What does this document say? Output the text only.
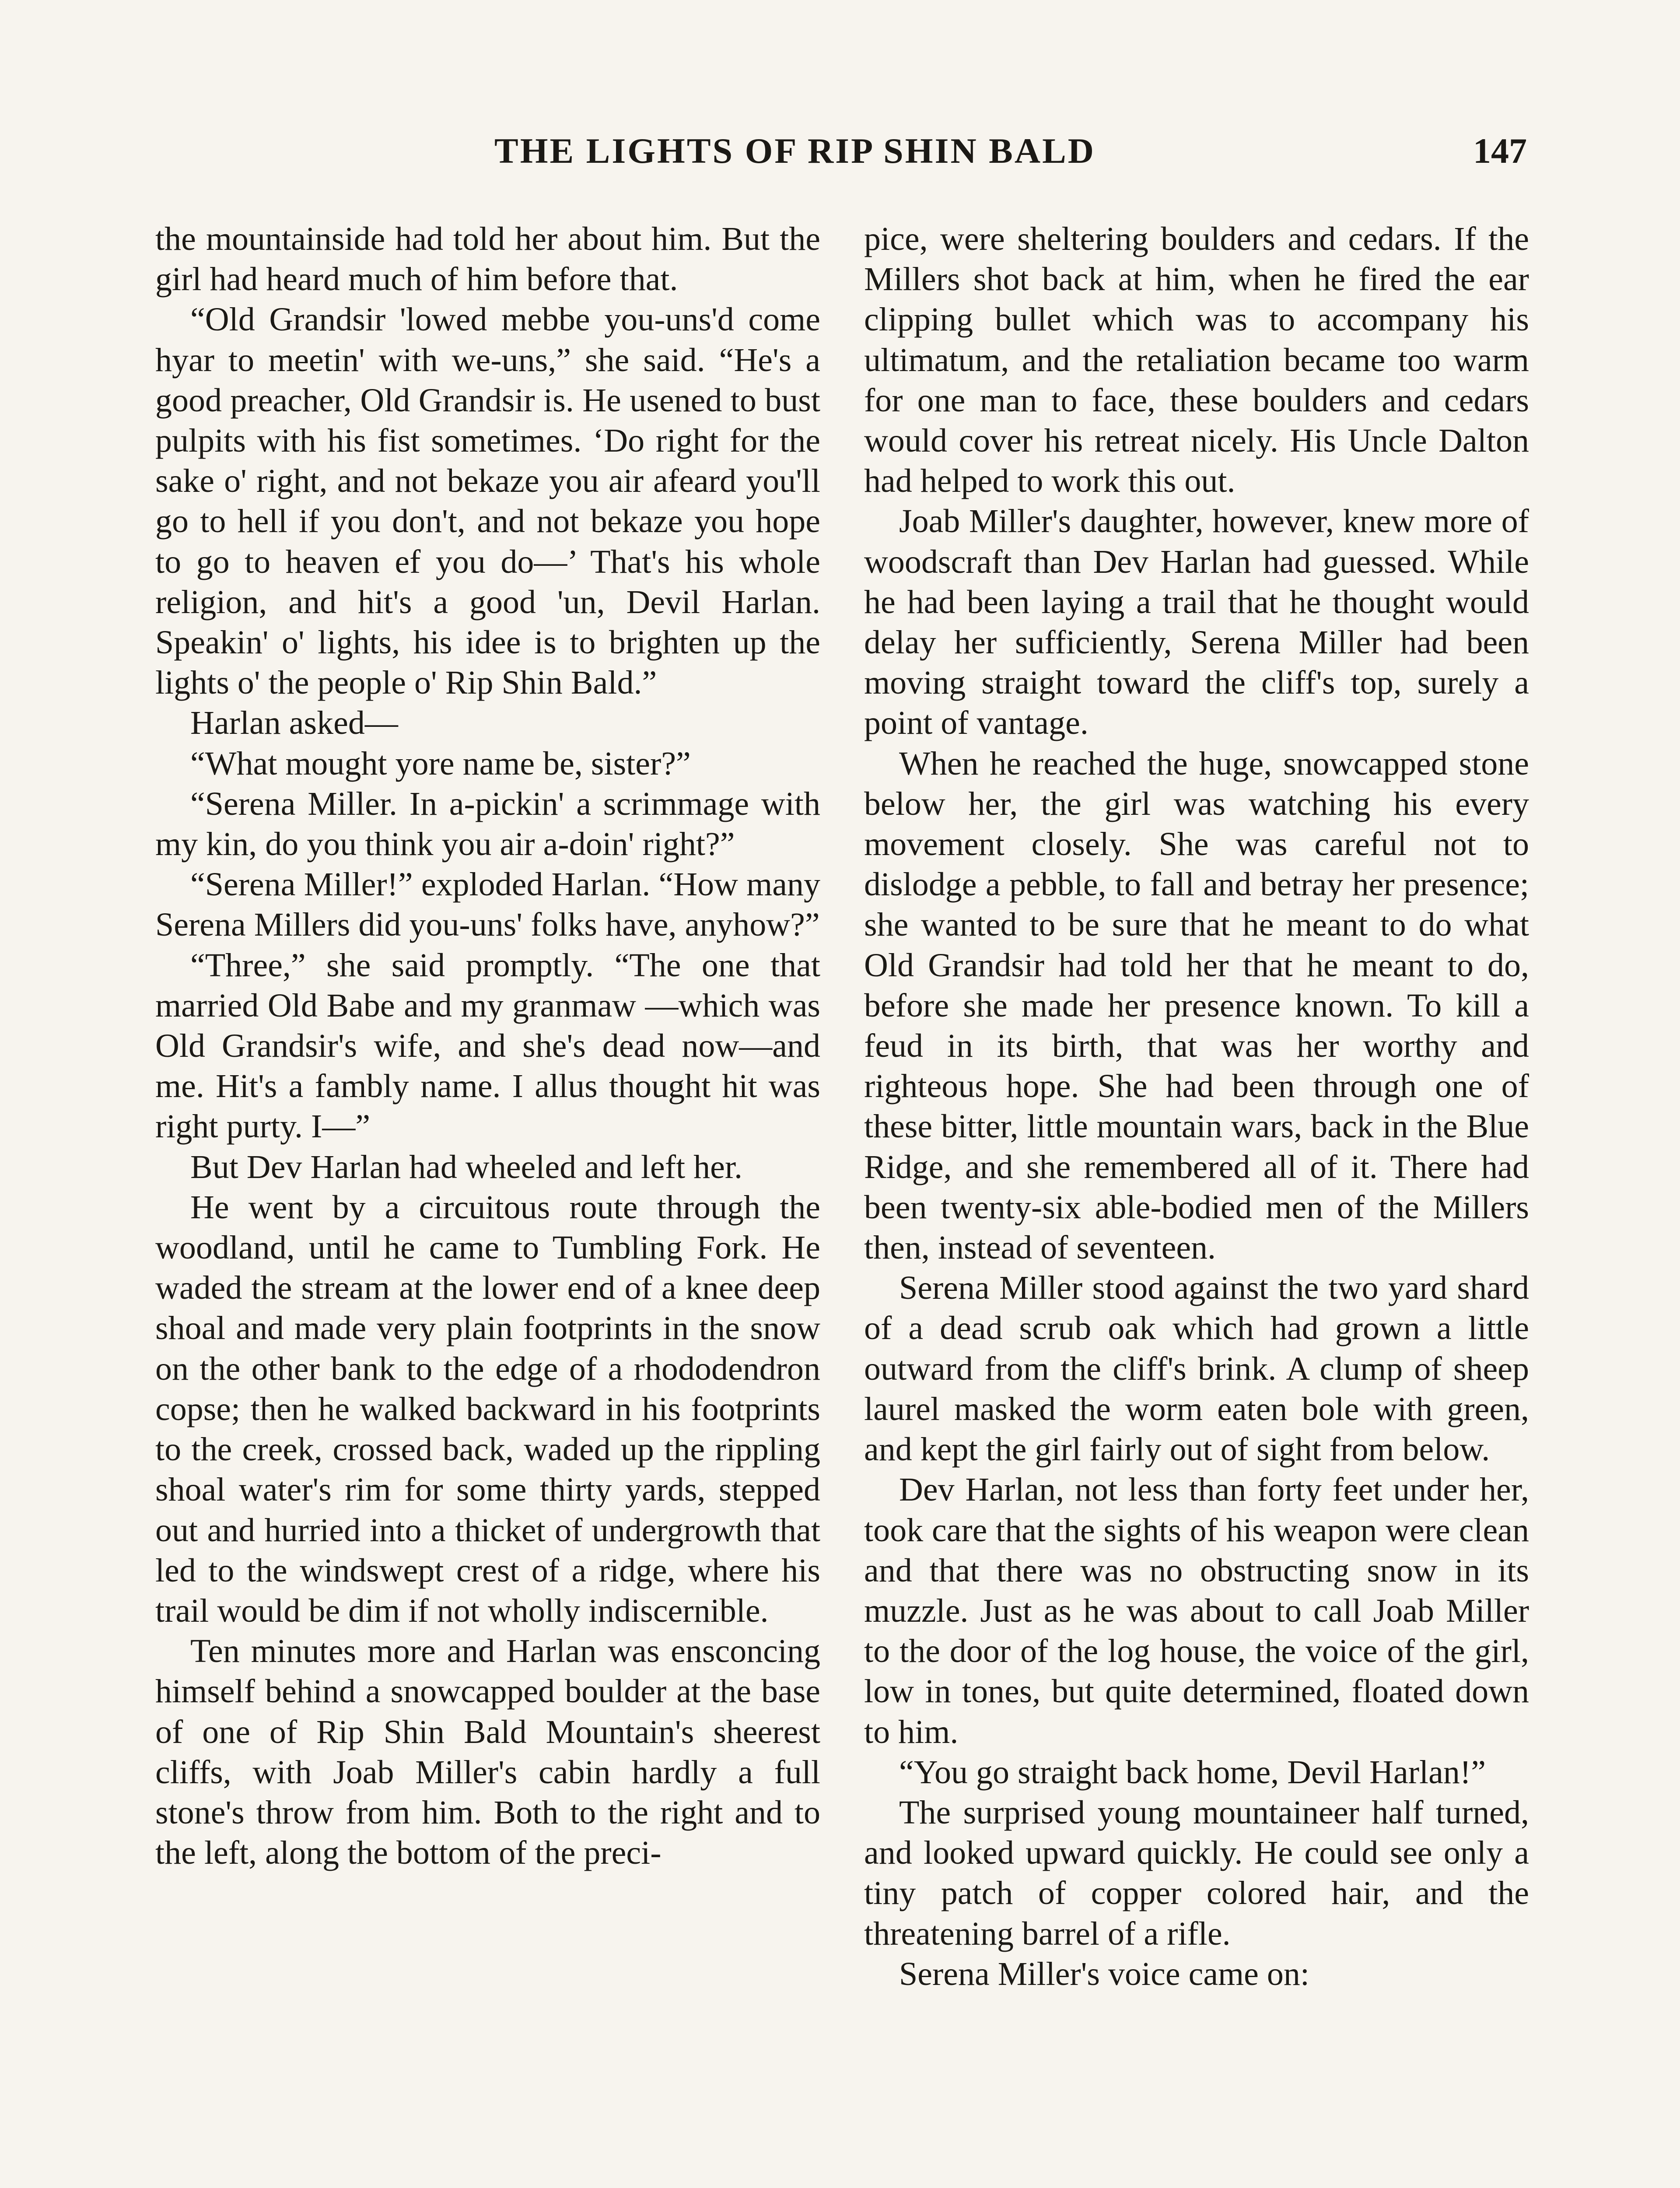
THE LIGHTS OF RIP SHIN BALD	147

the mountainside had told her about him. But the girl had heard much of him before that.

“Old Grandsir 'lowed mebbe you-uns'd come hyar to meetin' with we-uns,” she said. “He's a good preacher, Old Grandsir is. He usened to bust pulpits with his fist sometimes. ‘Do right for the sake o' right, and not bekaze you air afeard you'll go to hell if you don't, and not bekaze you hope to go to heaven ef you do—’ That's his whole religion, and hit's a good 'un, Devil Harlan. Speakin' o' lights, his idee is to brighten up the lights o' the people o' Rip Shin Bald.”

Harlan asked—

“What mought yore name be, sister?”

“Serena Miller. In a-pickin' a scrimmage with my kin, do you think you air a-doin' right?”

“Serena Miller!” exploded Harlan. “How many Serena Millers did you-uns' folks have, anyhow?”

“Three,” she said promptly. “The one that married Old Babe and my granmaw —which was Old Grandsir's wife, and she's dead now—and me. Hit's a fambly name. I allus thought hit was right purty. I—”

But Dev Harlan had wheeled and left her.

He went by a circuitous route through the woodland, until he came to Tumbling Fork. He waded the stream at the lower end of a knee deep shoal and made very plain footprints in the snow on the other bank to the edge of a rhododendron copse; then he walked backward in his footprints to the creek, crossed back, waded up the rippling shoal water's rim for some thirty yards, stepped out and hurried into a thicket of undergrowth that led to the windswept crest of a ridge, where his trail would be dim if not wholly indiscernible.

Ten minutes more and Harlan was ensconcing himself behind a snowcapped boulder at the base of one of Rip Shin Bald Mountain's sheerest cliffs, with Joab Miller's cabin hardly a full stone's throw from him. Both to the right and to the left, along the bottom of the preci-

pice, were sheltering boulders and cedars. If the Millers shot back at him, when he fired the ear clipping bullet which was to accompany his ultimatum, and the retaliation became too warm for one man to face, these boulders and cedars would cover his retreat nicely. His Uncle Dalton had helped to work this out.

Joab Miller's daughter, however, knew more of woodscraft than Dev Harlan had guessed. While he had been laying a trail that he thought would delay her sufficiently, Serena Miller had been moving straight toward the cliff's top, surely a point of vantage.

When he reached the huge, snowcapped stone below her, the girl was watching his every movement closely. She was careful not to dislodge a pebble, to fall and betray her presence; she wanted to be sure that he meant to do what Old Grandsir had told her that he meant to do, before she made her presence known. To kill a feud in its birth, that was her worthy and righteous hope. She had been through one of these bitter, little mountain wars, back in the Blue Ridge, and she remembered all of it. There had been twenty-six able-bodied men of the Millers then, instead of seventeen.

Serena Miller stood against the two yard shard of a dead scrub oak which had grown a little outward from the cliff's brink. A clump of sheep laurel masked the worm eaten bole with green, and kept the girl fairly out of sight from below.

Dev Harlan, not less than forty feet under her, took care that the sights of his weapon were clean and that there was no obstructing snow in its muzzle. Just as he was about to call Joab Miller to the door of the log house, the voice of the girl, low in tones, but quite determined, floated down to him.

“You go straight back home, Devil Harlan!”

The surprised young mountaineer half turned, and looked upward quickly. He could see only a tiny patch of copper colored hair, and the threatening barrel of a rifle.

Serena Miller's voice came on:
